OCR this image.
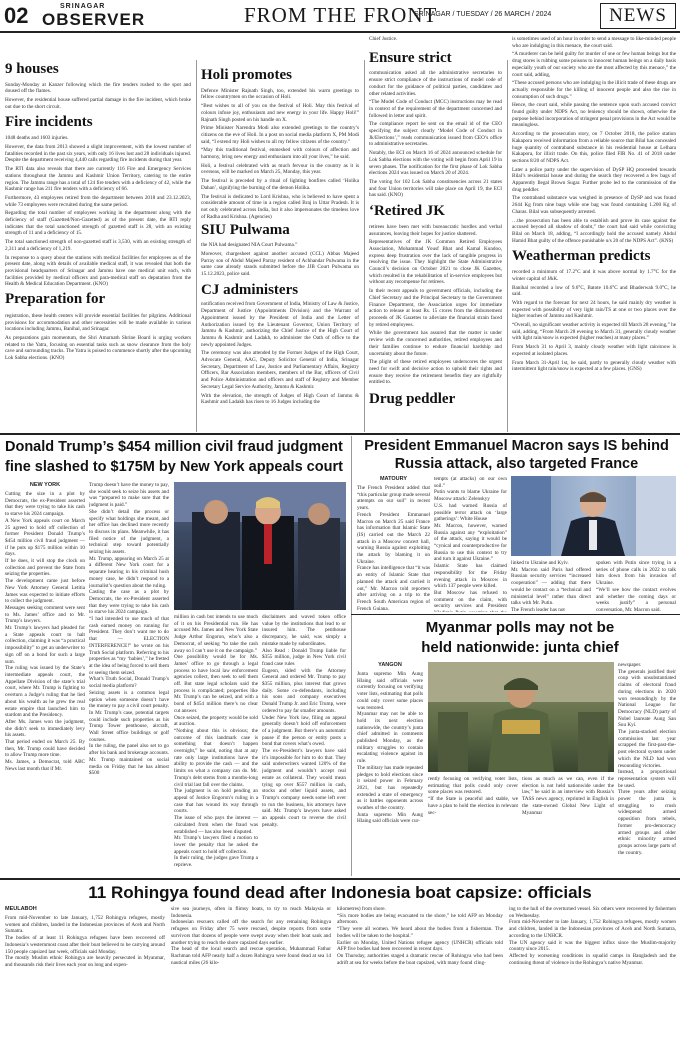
02	SRINAGAR
OBSERVER	FROM THE FRONT
SRINAGAR / TUESDAY / 26 MARCH / 2024	NEWS
9 houses

Sunday-Monday at Kanzer following which the fire tenders rushed to the spot and doused off the flames.

However, the residential house suffered partial damage in the fire incident, which broke out due to the short circuit.

Fire incidents

1048 deaths and 1603 injuries.

However, the data from 2013 showed a slight improvement, with the lowest number of fatalities recorded in the past six years, with only 16 lives lost and 28 individuals injured. Despite the department receiving 4,440 calls regarding fire incidents during that year.

The RTI data also reveals that there are currently 116 Fire and Emergency Services stations throughout the Jammu and Kashmir Union Territory, catering to the entire region. The Jammu range has a total of 124 fire tenders with a deficiency of 42, while the Kashmir range has 211 fire tenders with a deficiency of 66.

Furthermore, 43 employees retired from the department between 2018 and 23.12.2023, while 73 employees were recruited during the same period.

Regarding the total number of employees working in the department along with the deficiency of staff (Gazetted/Non-Gazetted) as of the present date, the RTI reply indicates that the total sanctioned strength of gazetted staff is 28, with an existing strength of 11 and a deficiency of 15.

The total sanctioned strength of non-gazetted staff is 3,530, with an existing strength of 2,311 and a deficiency of 1,219.

In response to a query about the stations with medical facilities for employees as of the present date, along with details of available medical staff, it was revealed that both the provisional headquarters of Srinagar and Jammu have one medical unit each, with facilities provided by medical officers and para-medical staff on deputation from the Health & Medical Education Department. (KNO)

Preparation for

registration, these health centers will provide essential facilities for pilgrims. Additional provisions for accommodation and other necessities will be made available in various locations including Jammu, Banihal, and Srinagar.

As preparations gain momentum, the Shri Amarnath Shrine Board is urging workers related to the Yatra, focusing on essential tasks such as snow clearance from the holy cave and surrounding tracks. The Yatra is poised to commence shortly after the upcoming Lok Sabha elections. (KNO)

Holi promotes

Defence Minister Rajnath Singh, too, extended his warm greetings to fellow countrymen on the occasion of Holi.

“Best wishes to all of you on the festival of Holi. May this festival of colours infuse joy, enthusiasm and new energy in your life. Happy Holi!” Rajnath Singh posted on his handle on X.

Prime Minister Narendra Modi also extended greetings to the country’s citizens on the eve of Holi. In a post on social media platform X, PM Modi said, “I extend my Holi wishes to all my fellow citizens of the country.”

“May this traditional festival, enmeshed with colours of affection and harmony, bring new energy and enthusiasm into all your lives,” he said.

Holi, a festival celebrated with as much fervour in the country as it is overseas, will be marked on March 25, Monday, this year.

The festival is preceded by a ritual of lighting bonfires called ‘Holika Dahan’, signifying the burning of the demon Holika.

The festival is dedicated to Lord Krishna, who is believed to have spent a considerable amount of time in a region called Braj in Uttar Pradesh. It is not only celebrated across India, but it also impersonates the timeless love of Radha and Krishna. (Agencies)

SIU Pulwama

the NIA had designated NIA Court Pulwama.”

Moreover, chargesheet against another accused (CCL) Abbas Majeed Parray son of Abdul Majeed Parray resident of Achhandar Pulwama in the same case already stands submitted before the JJB Court Pulwama on 15.12.2023, police said.

CJ administers

notification received from Government of India, Ministry of Law & Justice, Department of Justice (Appointments Division) and the Warrant of Appointment issued by the President of India and the Letter of Authorization issued by the Lieutenant Governor, Union Territory of Jammu & Kashmir, authorizing the Chief Justice of the High Court of Jammu & Kashmir and Ladakh, to administer the Oath of office to the newly appointed Judges.

The ceremony was also attended by the Former Judges of the High Court, Advocate General, AAG, Deputy Solicitor General of India, Srinagar Secretary, Department of Law, Justice and Parliamentary Affairs, Registry Officers, Bar Association members, members of the Bar, officers of Civil and Police Administration and officers and staff of Registry and Member Secretary Legal Service Authority, Jammu & Kashmir.

With the elevation, the strength of Judges of High Court of Jammu & Kashmir and Ladakh has risen to 16 Judges including the

Chief Justice.

Ensure strict

communication asked all the administrative secretaries to ensure strict compliance of the instructions of model code of conduct for the guidance of political parties, candidates and other related activities.

“The Model Code of Conduct (MCC) instructions may be read in context of the requirement of the department concerned and followed in letter and spirit.

The compliance report be sent on the email id of the CEO specifying the subject clearly ‘Model Code of Conduct in Jk/Elections’,” reads communication issued from CEO’s office to administrative secretaries.

Notably, the ECI on March 16 of 2024 announced schedule for Lok Sabha elections with the voting will begin from April 19 in seven phases. The notification for the first phase of Lok Sabha elections 2024 was issued on March 20 of 2024.

The voting for 102 Lok Sabha constituencies across 21 states and four Union territories will take place on April 19, the ECI has said. (KNO)

‘Retired JK

retirees have been met with bureaucratic hurdles and verbal assurances, leaving their hopes for justice shattered.

Representatives of the JK Common Retired Employees Association, Mohammad Yousf Bhat and Kamal Kundoo, express deep frustration over the lack of tangible progress in resolving the issue. They highlight the State Administrative Council’s decision on October 2021 to close JK Gazettes, which resulted in the rehabilitation of in-service employees but without any recompense for retirees.

In their recent appeals to government officials, including the Chief Secretary and the Principal Secretary to the Government Finance Department, the Association urges for immediate action to release at least Rs. 15 crores from the disbursement proceeds of JK Gazettes to alleviate the financial strain faced by retired employees.

While the government has assured that the matter is under review with the concerned authorities, retired employees and their families continue to endure financial hardship and uncertainty about the future.

The plight of these retired employees underscores the urgent need for swift and decisive action to uphold their rights and ensure they receive the retirement benefits they are rightfully entitled to.

Drug peddler

is sometimes used of an hour in order to send a message to like-minded people who are indulging in this menace, the court said.

“A murderer can be held guilty for murder of one or few human beings but the drug stores is rubbing some poisons to innocent human beings on a daily basis especially youth of our society who are the most affected by this menace,” the court said, adding,

“These accused persons who are indulging in the illicit trade of these drugs are actually responsible for the killing of innocent people and also the rise in consumption of such drugs.”

Hence, the court said, while passing the sentence upon such accused convict found guilty under NDPS Act, no leniency should be shown, otherwise the purpose behind incorporation of stringent penal provisions in the Act would be meaningless.

According to the prosecution story, on 7 October 2018, the police station Kakapora received information from a reliable source that Bilal has concealed huge quantity of contraband substance in his residential house at Lelhara Kakapora, for illicit trade. On this, police filed FIR No. 41 of 2018 under sections 8/20 of NDPS Act.

Later a police party under the supervision of DySP HQ proceeded towards Bilal’s residential house and during the search they recovered a few bags of Apparently Ilegal Brown Sugar. Further probe led to the commission of the drug peddler.

The contraband substance was weighed in presence of DySP and was found 2644 Kg from nine bags while one bag was found containing 1.200 Kg of Charas. Bilal was subsequently arrested.

…the prosecution has been able to establish and prove its case against the accused beyond all shadow of doubt,” the court had said while convicting Bilal on March 18, adding, “I accordingly hold the accused namely Abdul Hamid Bhat guilty of the offence punishable u/s 20 of the NDPS Act”. (KNS)

Weatherman predicts

recorded a minimum of 17.2°C and it was above normal by 1.7°C for the winter capital of J&K.

Banihal recorded a low of 9.6°C, Batote 10.6°C and Bhaderwah 9.0°C, he said.

With regard to the forecast for next 24 hours, he said mainly dry weather is expected with possibility of very light rain/TS at one or two places over the higher reaches of Jammu and Kashmir.

“Overall, no significant weather activity is expected till March 28 evening,” he said, adding, “From March 28 evening to March 31, generally cloudy weather with light rain/snow is expected (higher reaches) at many places.”

From March 31 to April 3, mainly cloudy weather with light rain/snow is expected at isolated places.

From March 31-April 1st, he said, partly to generally cloudy weather with intermittent light rain/snow is expected at a few places. (GNS)

Donald Trump’s $454 million civil fraud judgment fine slashed to $175M by New York appeals court
NEW YORK

Cutting the size in a plot by Democrats, the ex-President asserted that they were trying to take his cash to starve his 2024 campaign.
A New York appeals court on March 25 agreed to hold off collection of former President Donald Trump’s $454 million civil fraud judgment — if he puts up $175 million within 10 days.
If he does, it will stop the clock on collection and prevent the State from seizing the properties.
The development came just before New York Attorney General Letitia James was expected to initiate efforts to collect the judgment.
Messages seeking comment were sent to Ms. James’ office and to Mr. Trump’s lawyers.
Mr. Trump’s lawyers had pleaded for a State appeals court to halt collection, claiming it was “a practical impossibility” to get an underwriter to sign off on a bond for such a large sum.
The ruling was issued by the State’s intermediate appeals court, the Appellate Division of the state’s trial court, where Mr. Trump is fighting to overturn a Judge’s ruling that he lied about his wealth as he grew the real estate empire that launched him to stardom and the Presidency.
After Ms. James won the judgment, she didn’t seek to immediately levy his assets.
That period ended on March 25. By then, Mr. Trump could have decided to allow Trump more time.
Ms. James, a Democrat, told ABC News last month that if Mr.

Trump doesn’t have the money to pay, she would seek to seize his assets and was “prepared to make sure that the judgment is paid.”
She didn’t detail the process or specify what holdings she meant, and her office has declined more recently to discuss its plans. Meanwhile, it has filed notice of the judgment, a technical step toward potentially seizing his assets.
Mr. Trump, appearing on March 25 at a different New York court for a separate hearing in his criminal hush money case, he didn’t respond to a journalist’s question about the ruling.
Casting the case as a plot by Democrats, the ex-President asserted that they were trying to take his cash to starve his 2024 campaign.
“I had intended to use much of that cash earned money on running for President. They don’t want me to do that — ELECTION INTERFERENCE!” he wrote on his Truth Social platform. Referring to his properties as “my ‘babies’,” he fretted at the idea of being forced to sell them or seeing them seized.
What’s Truth Social, Donald Trump’s social media platform?
Seizing assets is a common legal option when someone doesn’t have the money to pay a civil court penalty. In Mr. Trump’s case, potential targets could include such properties as his Trump Tower penthouse, aircraft, Wall Street office buildings or golf courses.
In the ruling, the panel also set to go after his bank and brokerage accounts. Mr. Trump maintained on social media on Friday that he has almost $500

million in cash but intends to use much of it on his Presidential run. He has accused Ms. James and New York State Judge Arthur Engoron, who’s also a Democrat, of seeking “to take the cash away so I can’t use it on the campaign.”
One possibility would be for Ms. James’ office to go through a legal process to have local law enforcement agencies collect, then seek to sell them off. But state legal scholars said the process is complicated; properties like Mr. Trump’s can be seized, and with a bond of $454 million there’s no clear cut answer.
Once seized, the property would be sold at auction.
“Nothing about this is obvious; the outcome of this landmark case is something that doesn’t happen overnight,” he said, noting that at any rate only large institutions have the ability to provide the cash — and the limits on what a company can do. Mr. Trump’s debt stems from a months-long civil trial last fall over the claims.
The judgment is on hold pending an appeal of Justice Engoron’s ruling in a case that has wound its way through courts.
The issue of who pays the interest — calculated from when the fraud was established — has also been disputed.
Mr. Trump’s lawyers filed a motion to lower the penalty that he asked the appeals court to hold off collection.
In their ruling, the judges gave Trump a reprieve.

disclaimers and waved token office value by the institutions that lead to or insured him. The penthouse discrepancy, he said, was simply a mistake made by subordinates.
Also Read : Donald Trump liable for $355 million, judge in New York civil fraud case rules
Eugeon, sided with the Attorney General and ordered Mr. Trump to pay $355 million, plus interest that grows daily. Some co-defendants, including his sons and company executives Donald Trump Jr. and Eric Trump, were ordered to pay far smaller amounts.
Under New York law, filing an appeal generally doesn’t hold off enforcement of a judgment. But there’s an automatic pause if the person or entity posts a bond that covers what’s owed.
The ex-President’s lawyers have said it’s impossible for him to do that. They said underwriters wanted 120% of the judgment and wouldn’t accept real estate as collateral. They would mean tying up over $557 million in cash, stocks and other liquid assets, and Trump’s company needs some left over to run the business, his attorneys have said. Mr. Trump’s lawyers have asked an appeals court to reverse the civil penalty.

President Emmanuel Macron says IS behind Russia attack, also targeted France
MATOURY

The French President added that “this particular group made several attempts on our soil” in recent years.
French President Emmanuel Macron on March 25 said France has information that Islamic State (IS) carried out the March 22 attack in a Moscow concert hall, warning Russia against exploiting the attack by blaming it on Ukraine.
France has intelligence that “it was an entity of Islamic State that planned the attack and carried it out,” Mr. Macron told reporters after arriving on a trip to the French South American region of French Guiana.

tempts (at attacks) on our own soil.”
Putin wants to blame Ukraine for Moscow attack: Zelenskyy
U.S. had warned Russia of possible terror attack on ‘large gatherings’: White House
Mr. Macron, however, warned Russia against any “exploitation” of the attack, saying it would be “cynical and counterproductive for Russia to use this context to try and turn it against Ukraine.”
Islamic State has claimed responsibility for the Friday evening attack in Moscow in which 137 people were killed.
But Moscow has refused to comment on the claim, with security services and President

linked to Ukraine and Kyiv.
Mr. Macron said Paris had offered Russian security services “increased cooperation” — adding that there would be contact on a “technical and ministerial level” rather than direct talks with Mr. Putin.
The French leader has not

spoken with Putin since trying in a series of phone calls in 2022 to talk him down from his invasion of Ukraine.
“We’ll see how the contact evolves and whether the coming days or weeks justify” a personal conversation, Mr. Macron said.

Myanmar polls may not be held nationwide: junta chief
YANGON

Junta supremo Min Aung Hlaing said officials were currently focusing on verifying voter lists, estimating that polls could only cover some places was restored.
Myanmar may not be able to hold its next election nationwide, the country’s junta chief admitted in comments published Monday, as the military struggles to contain escalating violence against its rule.
The military has made repeated pledges to hold elections since it seized power in February 2021, but has repeatedly extended a state of emergency as it battles opponents across swathes of the country.
Junta supremo Min Aung Hlaing said officials were cur-

rently focusing on verifying voter lists, estimating that polls could only cover some places was restored.
“If the State is peaceful and stable, we have a plan to hold the election in relevant sec-

tions as much as we can, even if the election is not held nationwide under the law,” he said in an interview with Russia’s TASS news agency, reprinted in English in the state-owned Global New Light of Myanmar

newspaper.
The generals justified their coup with unsubstantiated claims of electoral fraud during elections in 2020 won resoundingly by the National League for Democracy (NLD) party of Nobel laureate Aung San Suu Kyi.
The junta-stacked election commission last year scrapped the first-past-the-post electoral system under which the NLD had won resounding victories.
Instead, a proportional representation system will be used.
Three years after seizing power the junta is struggling to crush widespread armed opposition from rebels, former pro-democracy armed groups and older ethnic minority armed groups across large parts of the country.

11 Rohingya found dead after Indonesia boat capsize: officials
MEULABOH

From mid-November to late January, 1,752 Rohingya refugees, mostly women and children, landed in the Indonesian provinces of Aceh and North Sumatra.
The bodies of at least 11 Rohingya refugees have been recovered off Indonesia’s westernmost coast after their boat believed to be carrying around 150 people capsized last week, officials said Monday.
The mostly Muslim ethnic Rohingya are heavily persecuted in Myanmar, and thousands risk their lives each year on long and expen-

sive sea journeys, often in flimsy boats, to try to reach Malaysia or Indonesia.
Indonesian rescuers called off the search for any remaining Rohingya refugees on Friday after 75 were rescued, despite reports from some survivors that dozens of people were swept away when their boat sank and another trying to reach the shore capsized days earlier.
The head of the local search and rescue operation, Muhammad Fathur Rachman told AFP nearly half a dozen Rohingya were found dead at sea 14 nautical miles (26 kilo-

kilometres) from shore.
“Six more bodies are being evacuated to the shore,” he told AFP on Monday afternoon.
“They were all women. We heard about the bodies from a fisherman. The bodies will be taken to the hospital.”
Earlier on Monday, United Nations refugee agency (UNHCR) officials told AFP five bodies had been recovered in recent days.
On Thursday, authorities staged a dramatic rescue of Rohingya who had been adrift at sea for weeks before the boat capsized, with many found cling-

ing to the hull of the overturned vessel. Six others were recovered by fishermen on Wednesday.
From mid-November to late January, 1,752 Rohingya refugees, mostly women and children, landed in the Indonesian provinces of Aceh and North Sumatra, according to the UNHCR.
The UN agency said it was the biggest influx since the Muslim-majority country since 2015.
Affected by worsening conditions in squalid camps in Bangladesh and the continuing threat of violence in the Rohingya’s native Myanmar.
